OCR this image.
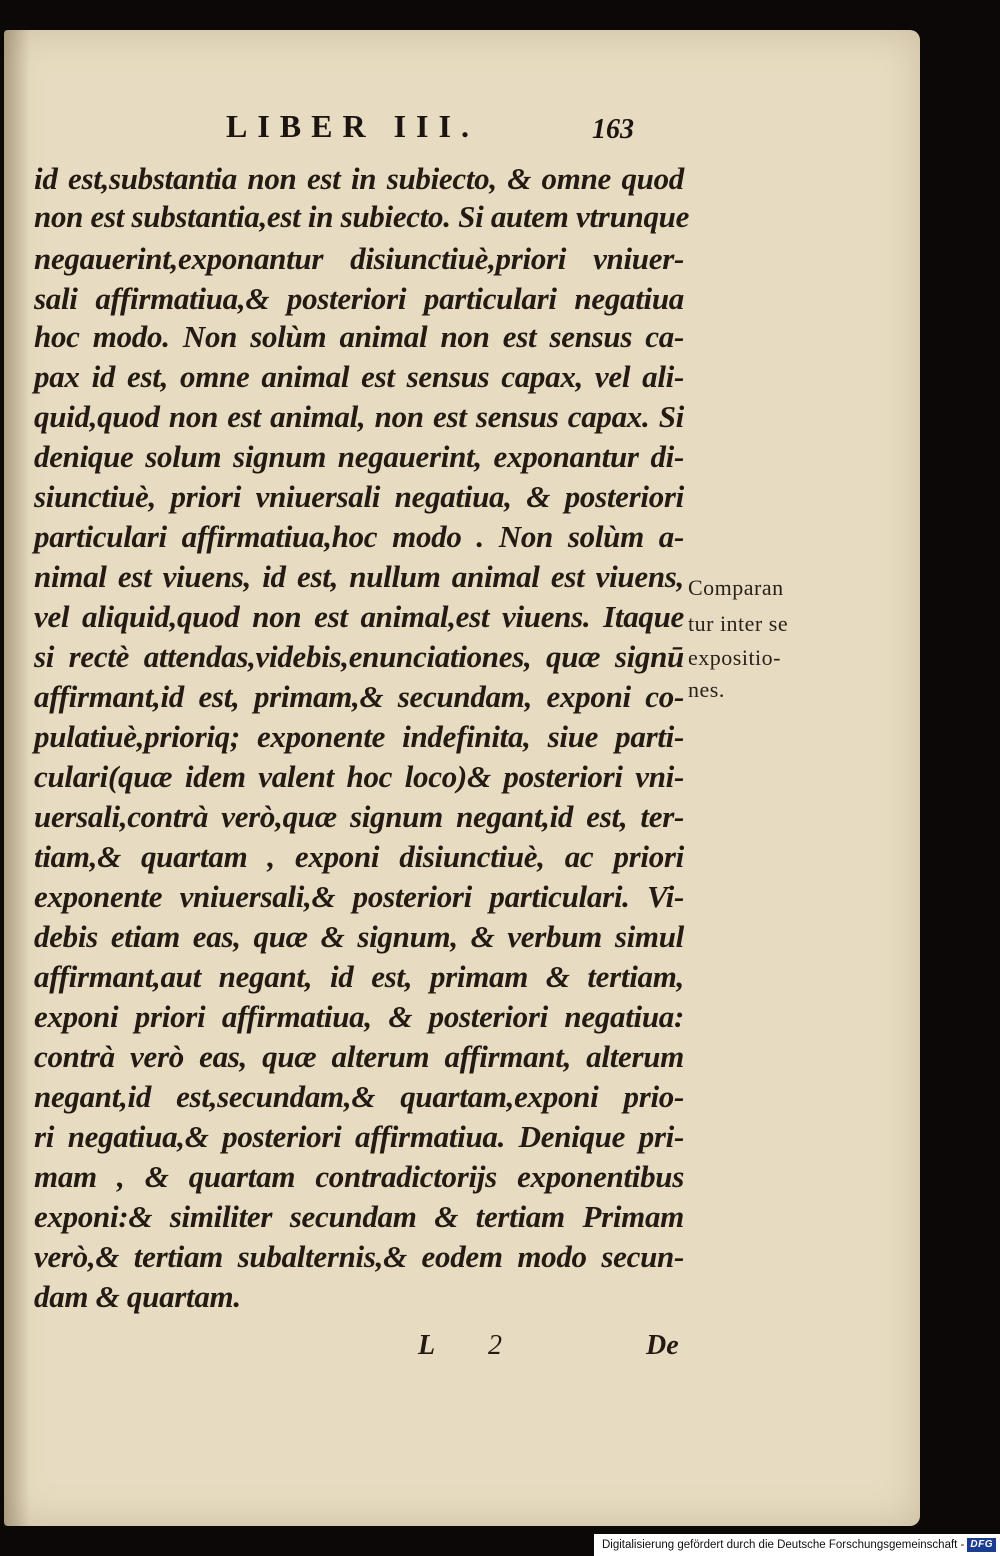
LIBER III.	163
id est,substantia non est in subiecto, & omne quod
non est substantia,est in subiecto. Si autem vtrunque
negauerint,exponantur disiunctiuè,priori vniuer-
sali affirmatiua,& posteriori particulari negatiua
hoc modo. Non solùm animal non est sensus ca-
pax id est, omne animal est sensus capax, vel ali-
quid,quod non est animal, non est sensus capax. Si
denique solum signum negauerint, exponantur di-
siunctiuè, priori vniuersali negatiua, & posteriori
particulari affirmatiua,hoc modo . Non solùm a-
nimal est viuens, id est, nullum animal est viuens,
vel aliquid,quod non est animal,est viuens. Itaque
si rectè attendas,videbis,enunciationes, quæ signū
affirmant,id est, primam,& secundam, exponi co-
pulatiuè,prioriq; exponente indefinita, siue parti-
culari(quæ idem valent hoc loco)& posteriori vni-
uersali,contrà verò,quæ signum negant,id est, ter-
tiam,& quartam , exponi disiunctiuè, ac priori
exponente vniuersali,& posteriori particulari. Vi-
debis etiam eas, quæ & signum, & verbum simul
affirmant,aut negant, id est, primam & tertiam,
exponi priori affirmatiua, & posteriori negatiua:
contrà verò eas, quæ alterum affirmant, alterum
negant,id est,secundam,& quartam,exponi prio-
ri negatiua,& posteriori affirmatiua. Denique pri-
mam , & quartam contradictorijs exponentibus
exponi:& similiter secundam & tertiam Primam
verò,& tertiam subalternis,& eodem modo secun-
dam & quartam.
Comparan
tur inter se
expositio-
nes.
L 2	De
Digitalisierung gefördert durch die Deutsche Forschungsgemeinschaft - DFG
